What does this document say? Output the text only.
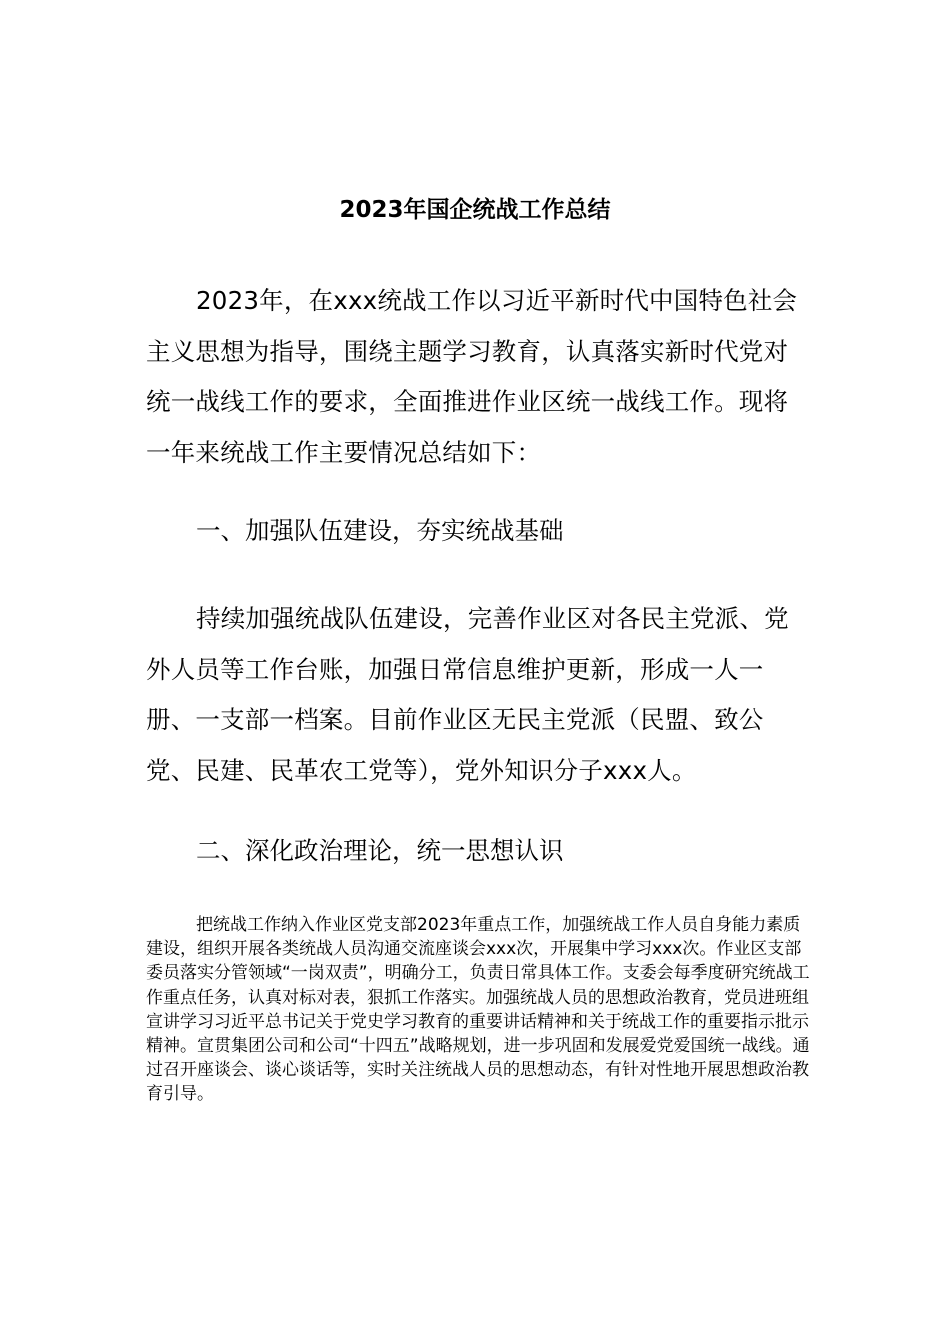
2023年国企统战工作总结

2023年，在xxx统战工作以习近平新时代中国特色社会主义思想为指导，围绕主题学习教育，认真落实新时代党对统一战线工作的要求，全面推进作业区统一战线工作。现将一年来统战工作主要情况总结如下：

一、加强队伍建设，夯实统战基础

持续加强统战队伍建设，完善作业区对各民主党派、党外人员等工作台账，加强日常信息维护更新，形成一人一册、一支部一档案。目前作业区无民主党派（民盟、致公党、民建、民革农工党等），党外知识分子xxx人。

二、深化政治理论，统一思想认识

把统战工作纳入作业区党支部2023年重点工作，加强统战工作人员自身能力素质建设，组织开展各类统战人员沟通交流座谈会xxx次，开展集中学习xxx次。作业区支部委员落实分管领域“一岗双责”，明确分工，负责日常具体工作。支委会每季度研究统战工作重点任务，认真对标对表，狠抓工作落实。加强统战人员的思想政治教育，党员进班组宣讲学习习近平总书记关于党史学习教育的重要讲话精神和关于统战工作的重要指示批示精神。宣贯集团公司和公司“十四五”战略规划，进一步巩固和发展爱党爱国统一战线。通过召开座谈会、谈心谈话等，实时关注统战人员的思想动态，有针对性地开展思想政治教育引导。
